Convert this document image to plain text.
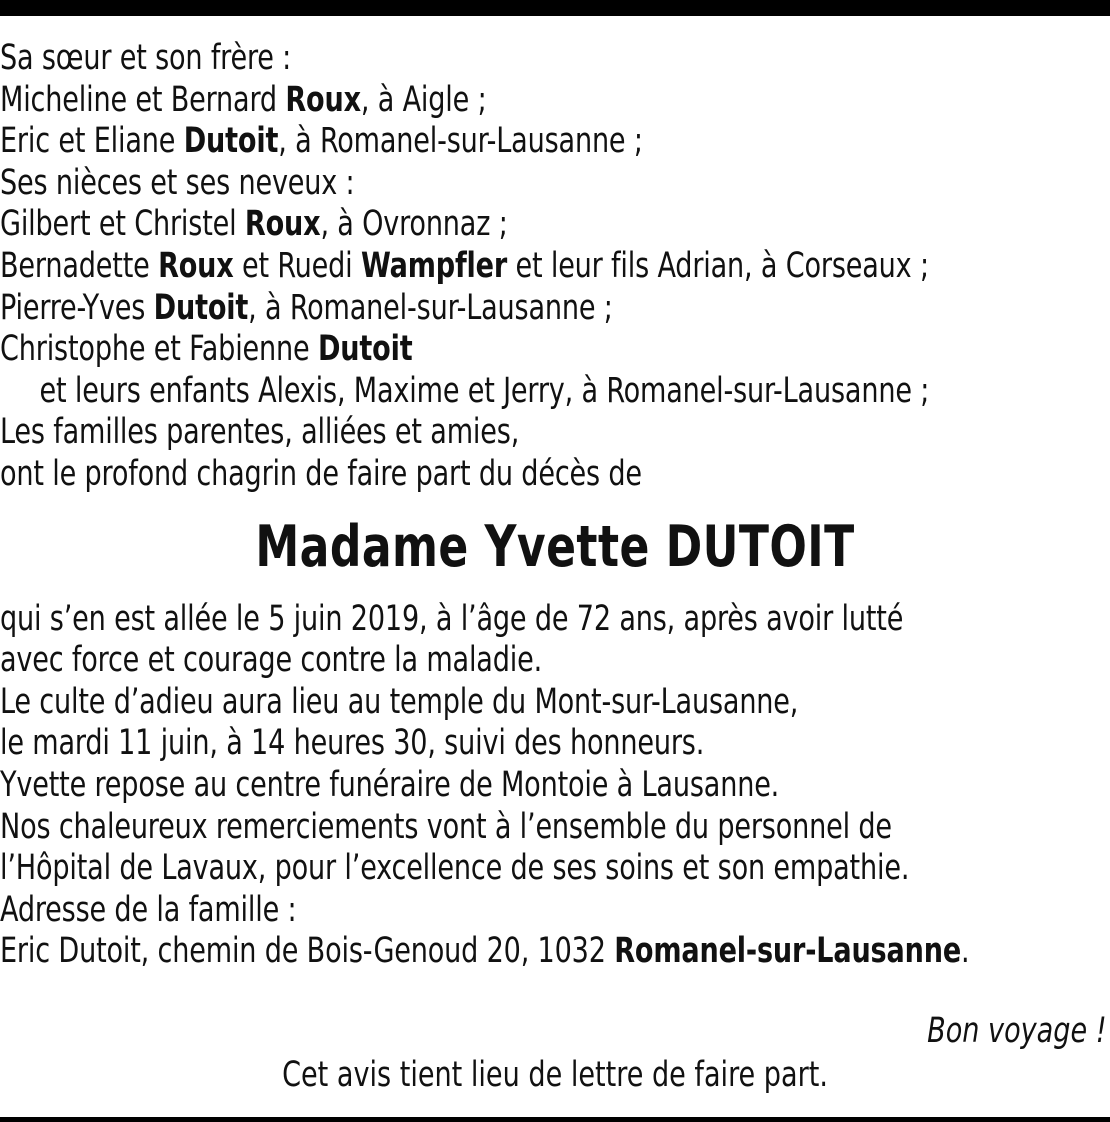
Sa sœur et son frère :
Micheline et Bernard Roux, à Aigle ;
Eric et Eliane Dutoit, à Romanel-sur-Lausanne ;
Ses nièces et ses neveux :
Gilbert et Christel Roux, à Ovronnaz ;
Bernadette Roux et Ruedi Wampfler et leur fils Adrian, à Corseaux ;
Pierre-Yves Dutoit, à Romanel-sur-Lausanne ;
Christophe et Fabienne Dutoit
et leurs enfants Alexis, Maxime et Jerry, à Romanel-sur-Lausanne ;
Les familles parentes, alliées et amies,
ont le profond chagrin de faire part du décès de
Madame Yvette DUTOIT
qui s’en est allée le 5 juin 2019, à l’âge de 72 ans, après avoir lutté
avec force et courage contre la maladie.
Le culte d’adieu aura lieu au temple du Mont-sur-Lausanne,
le mardi 11 juin, à 14 heures 30, suivi des honneurs.
Yvette repose au centre funéraire de Montoie à Lausanne.
Nos chaleureux remerciements vont à l’ensemble du personnel de
l’Hôpital de Lavaux, pour l’excellence de ses soins et son empathie.
Adresse de la famille :
Eric Dutoit, chemin de Bois-Genoud 20, 1032 Romanel-sur-Lausanne.
Bon voyage !
Cet avis tient lieu de lettre de faire part.
